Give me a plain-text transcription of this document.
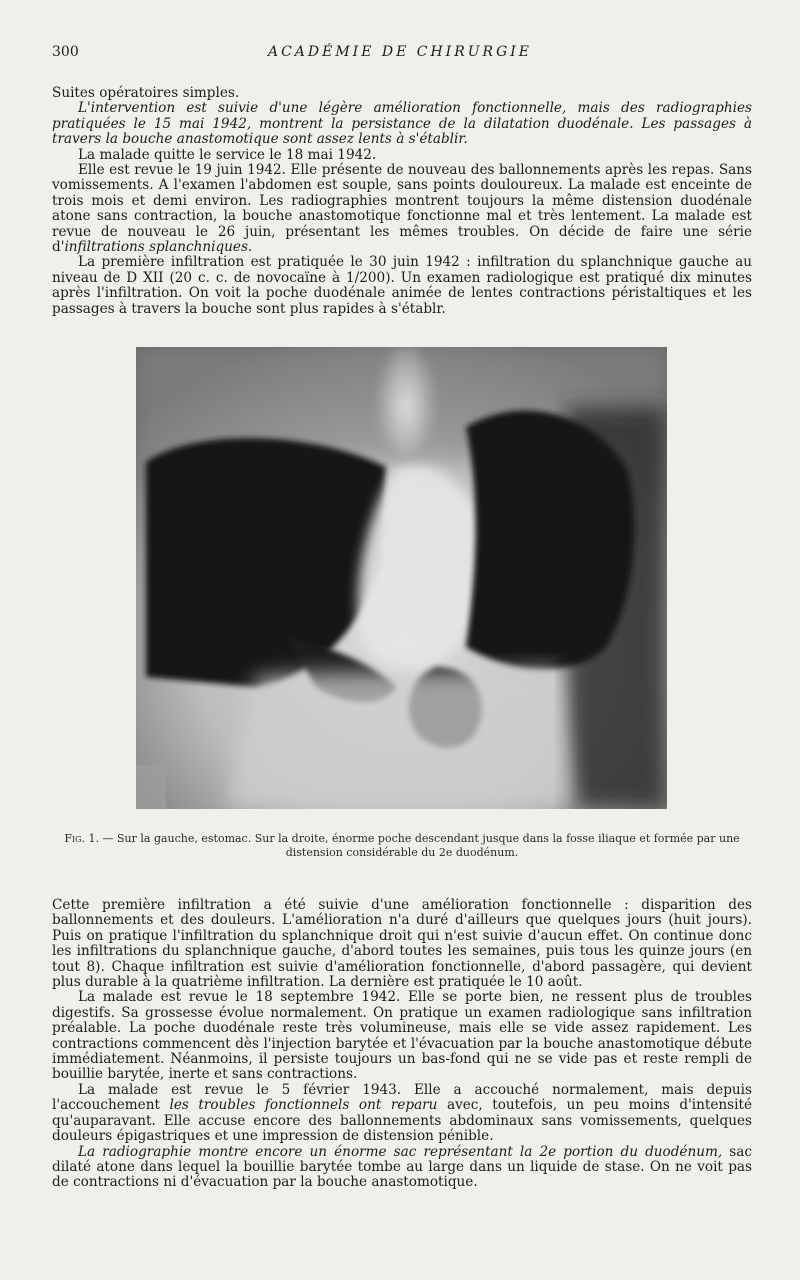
300	ACADÉMIE DE CHIRURGIE

Suites opératoires simples.

L'intervention est suivie d'une légère amélioration fonctionnelle, mais des radiographies pratiquées le 15 mai 1942, montrent la persistance de la dilatation duodénale. Les passages à travers la bouche anastomotique sont assez lents à s'établir.

La malade quitte le service le 18 mai 1942.

Elle est revue le 19 juin 1942. Elle présente de nouveau des ballonnements après les repas. Sans vomissements. A l'examen l'abdomen est souple, sans points douloureux. La malade est enceinte de trois mois et demi environ. Les radiographies montrent toujours la même distension duodénale atone sans contraction, la bouche anastomotique fonctionne mal et très lentement. La malade est revue de nouveau le 26 juin, présentant les mêmes troubles. On décide de faire une série d'infiltrations splanchniques.

La première infiltration est pratiquée le 30 juin 1942 : infiltration du splanchnique gauche au niveau de D XII (20 c. c. de novocaïne à 1/200). Un examen radiologique est pratiqué dix minutes après l'infiltration. On voit la poche duodénale animée de lentes contractions péristaltiques et les passages à travers la bouche sont plus rapides à s'établr.

Fig. 1. — Sur la gauche, estomac. Sur la droite, énorme poche descendant jusque dans la fosse iliaque et formée par une distension considérable du 2e duodénum.

Cette première infiltration a été suivie d'une amélioration fonctionnelle : disparition des ballonnements et des douleurs. L'amélioration n'a duré d'ailleurs que quelques jours (huit jours). Puis on pratique l'infiltration du splanchnique droit qui n'est suivie d'aucun effet. On continue donc les infiltrations du splanchnique gauche, d'abord toutes les semaines, puis tous les quinze jours (en tout 8). Chaque infiltration est suivie d'amélioration fonctionnelle, d'abord passagère, qui devient plus durable à la quatrième infiltration. La dernière est pratiquée le 10 août.

La malade est revue le 18 septembre 1942. Elle se porte bien, ne ressent plus de troubles digestifs. Sa grossesse évolue normalement. On pratique un examen radiologique sans infiltration préalable. La poche duodénale reste très volumineuse, mais elle se vide assez rapidement. Les contractions commencent dès l'injection barytée et l'évacuation par la bouche anastomotique débute immédiatement. Néanmoins, il persiste toujours un bas-fond qui ne se vide pas et reste rempli de bouillie barytée, inerte et sans contractions.

La malade est revue le 5 février 1943. Elle a accouché normalement, mais depuis l'accouchement les troubles fonctionnels ont reparu avec, toutefois, un peu moins d'intensité qu'auparavant. Elle accuse encore des ballonnements abdominaux sans vomissements, quelques douleurs épigastriques et une impression de distension pénible.

La radiographie montre encore un énorme sac représentant la 2e portion du duodénum, sac dilaté atone dans lequel la bouillie barytée tombe au large dans un liquide de stase. On ne voit pas de contractions ni d'évacuation par la bouche anastomotique.
